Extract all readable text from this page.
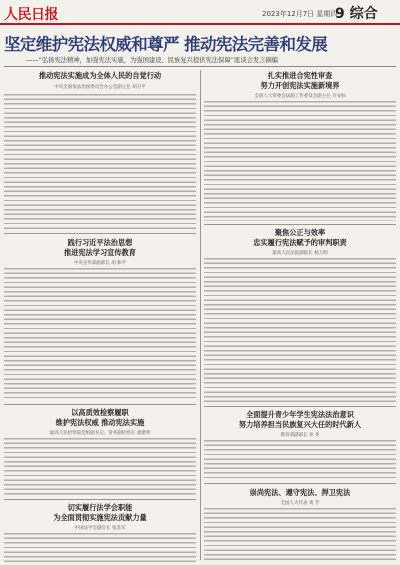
人民日报	2023年12月7日 星期四
9 综合
坚定维护宪法权威和尊严 推动宪法完善和发展
——“弘扬宪法精神，加强宪法实施，为强国建设、民族复兴提供宪法保障”座谈会发言摘编
推动宪法实施成为全体人民的自觉行动
中央全面依法治国委员会办公室副主任 胡卫平
扎实推进合宪性审查
努力开创宪法实施新境界
全国人大常委会法制工作委员会副主任 许安标
践行习近平法治思想
推进宪法学习宣传教育
中央宣传部副部长 胡 和平
聚焦公正与效率
忠实履行宪法赋予的审判职责
最高人民法院副院长 杨万明
以高质效检察履职
维护宪法权威 推动宪法实施
最高人民检察院党组副书记、常务副检察长 童建明
全面提升青少年学生宪法法治意识
努力培养担当民族复兴大任的时代新人
教育部副部长 孙 尧
切实履行法学会职能
为全面贯彻实施宪法贡献力量
中国法学会副会长 张苏军
崇尚宪法、遵守宪法、捍卫宪法
全国人大代表 黄 芳
